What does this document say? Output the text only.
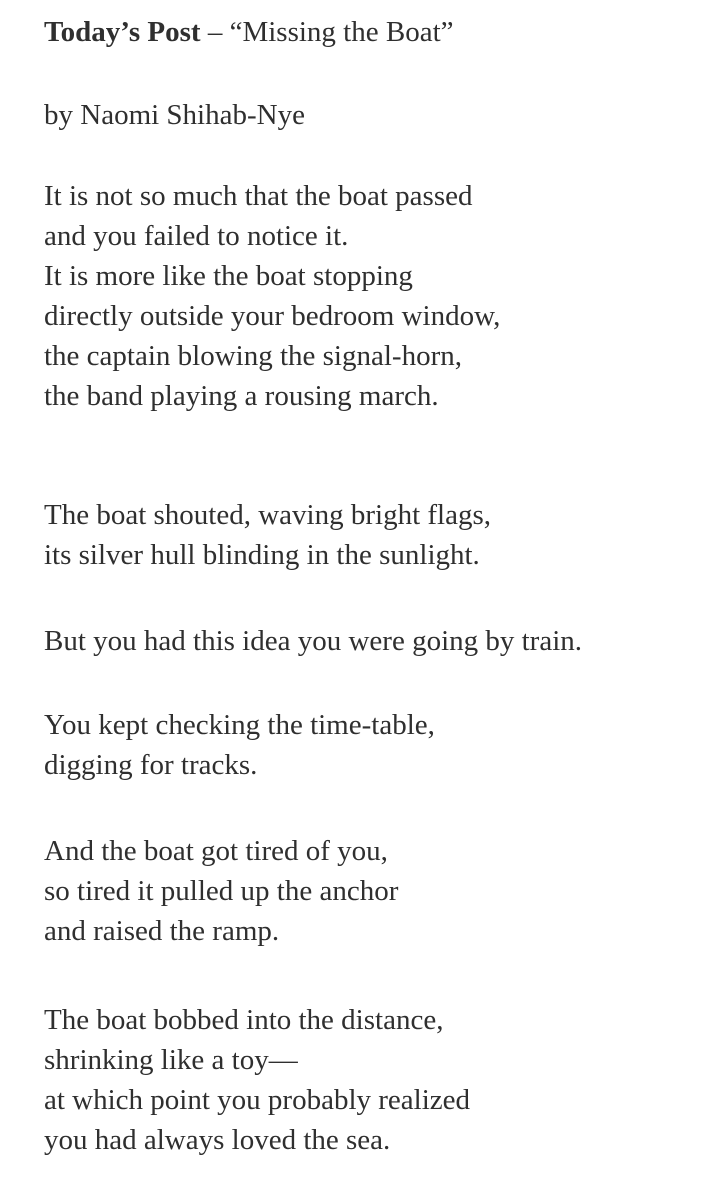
Today’s Post – “Missing the Boat”
by Naomi Shihab-Nye
It is not so much that the boat passed
and you failed to notice it.
It is more like the boat stopping
directly outside your bedroom window,
the captain blowing the signal-horn,
the band playing a rousing march.
The boat shouted, waving bright flags,
its silver hull blinding in the sunlight.
But you had this idea you were going by train.
You kept checking the time-table,
digging for tracks.
And the boat got tired of you,
so tired it pulled up the anchor
and raised the ramp.
The boat bobbed into the distance,
shrinking like a toy—
at which point you probably realized
you had always loved the sea.
